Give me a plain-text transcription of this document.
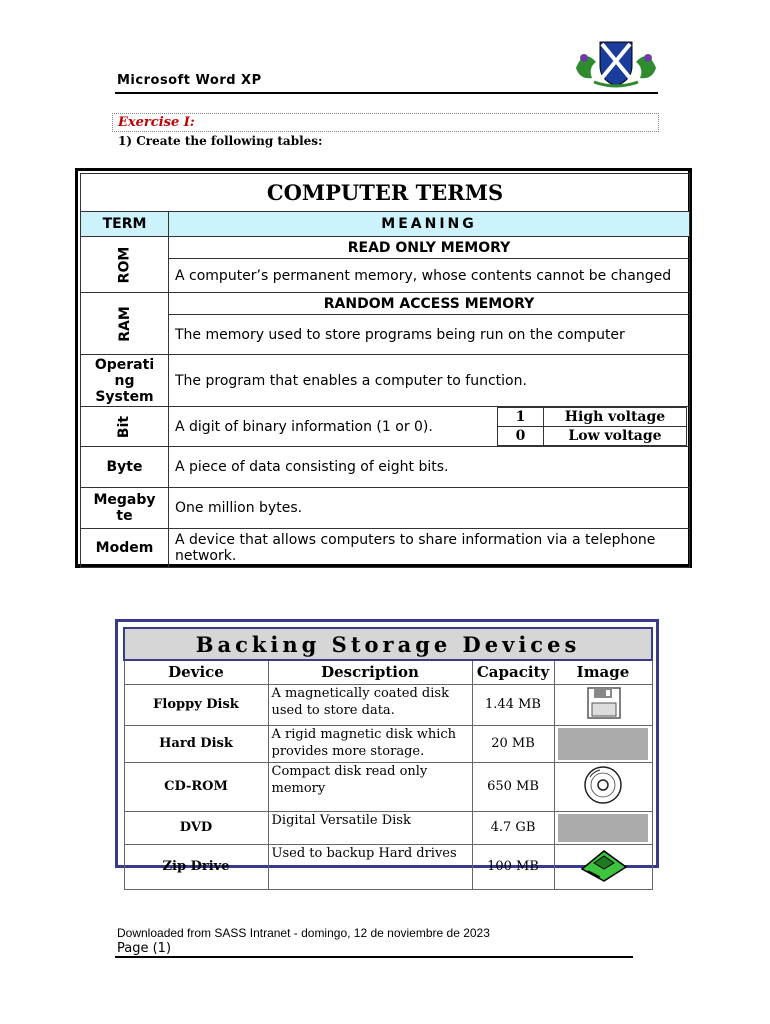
Microsoft Word XP
Exercise I:
1) Create the following tables:
COMPUTER TERMS
TERM	MEANING
ROM	READ ONLY MEMORY
A computer’s permanent memory, whose contents cannot be changed
RAM	RANDOM ACCESS MEMORY
The memory used to store programs being run on the computer
Operati ng System	The program that enables a computer to function.
Bit		A digit of binary information (1 or 0).	
1	High voltage
0	Low voltage

Byte	A piece of data consisting of eight bits.
Megaby te	One million bytes.
Modem	A device that allows computers to share information via a telephone network.
Backing Storage Devices			
Device	Description	Capacity	Image
Floppy Disk	A magnetically coated disk used to store data.	1.44 MB	
Hard Disk	A rigid magnetic disk which provides more storage.	20 MB	

CD-ROM	Compact disk read only memory	650 MB	
DVD	Digital Versatile Disk	4.7 GB	

Zip Drive	Used to backup Hard drives	100 MB	
Downloaded from SASS Intranet - domingo, 12 de noviembre de 2023
Page (1)
